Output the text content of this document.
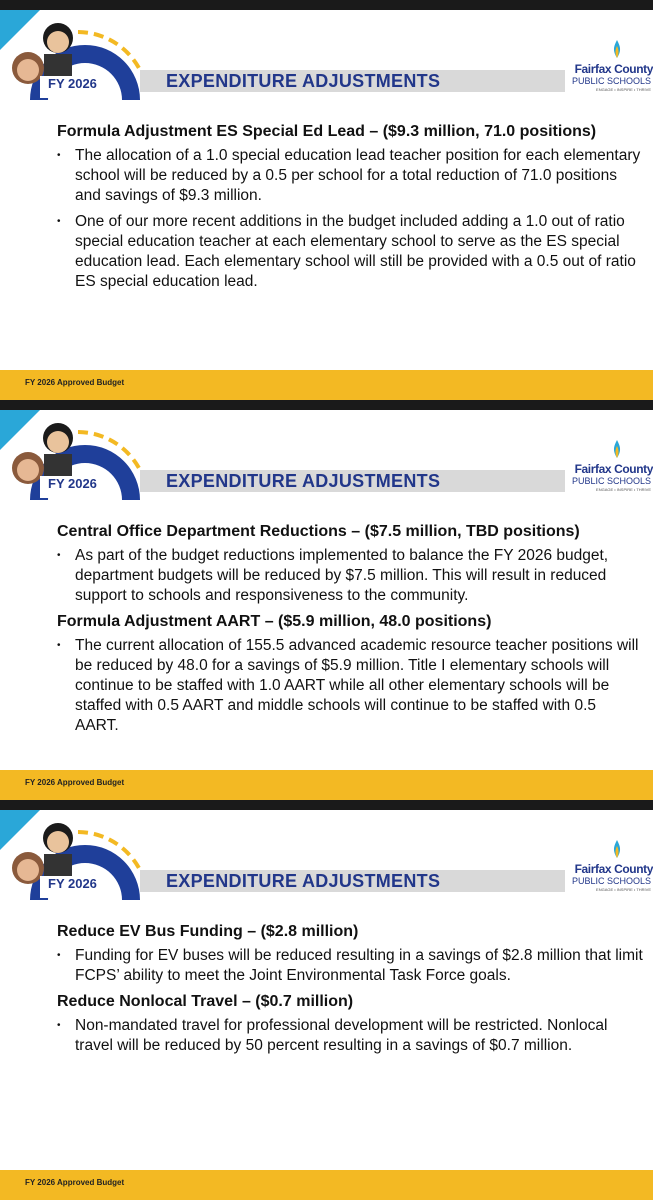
FY 2026	EXPENDITURE ADJUSTMENTS
Fairfax County
PUBLIC SCHOOLS
ENGAGE • INSPIRE • THRIVE

Formula Adjustment ES Special Ed Lead – ($9.3 million, 71.0 positions)

• The allocation of a 1.0 special education lead teacher position for each elementary school will be reduced by a 0.5 per school for a total reduction of 71.0 positions and savings of $9.3 million.
• One of our more recent additions in the budget included adding a 1.0 out of ratio special education teacher at each elementary school to serve as the ES special education lead. Each elementary school will still be provided with a 0.5 out of ratio ES special education lead.
FY 2026 Approved Budget
FY 2026	EXPENDITURE ADJUSTMENTS
Fairfax County
PUBLIC SCHOOLS
ENGAGE • INSPIRE • THRIVE

Central Office Department Reductions – ($7.5 million, TBD positions)

• As part of the budget reductions implemented to balance the FY 2026 budget, department budgets will be reduced by $7.5 million. This will result in reduced support to schools and responsiveness to the community.

Formula Adjustment AART – ($5.9 million, 48.0 positions)

• The current allocation of 155.5 advanced academic resource teacher positions will be reduced by 48.0 for a savings of $5.9 million. Title I elementary schools will continue to be staffed with 1.0 AART while all other elementary schools will be staffed with 0.5 AART and middle schools will continue to be staffed with 0.5 AART.
FY 2026 Approved Budget
FY 2026	EXPENDITURE ADJUSTMENTS
Fairfax County
PUBLIC SCHOOLS
ENGAGE • INSPIRE • THRIVE

Reduce EV Bus Funding – ($2.8 million)

• Funding for EV buses will be reduced resulting in a savings of $2.8 million that limit FCPS’ ability to meet the Joint Environmental Task Force goals.

Reduce Nonlocal Travel – ($0.7 million)

• Non-mandated travel for professional development will be restricted. Nonlocal travel will be reduced by 50 percent resulting in a savings of $0.7 million.
FY 2026 Approved Budget
